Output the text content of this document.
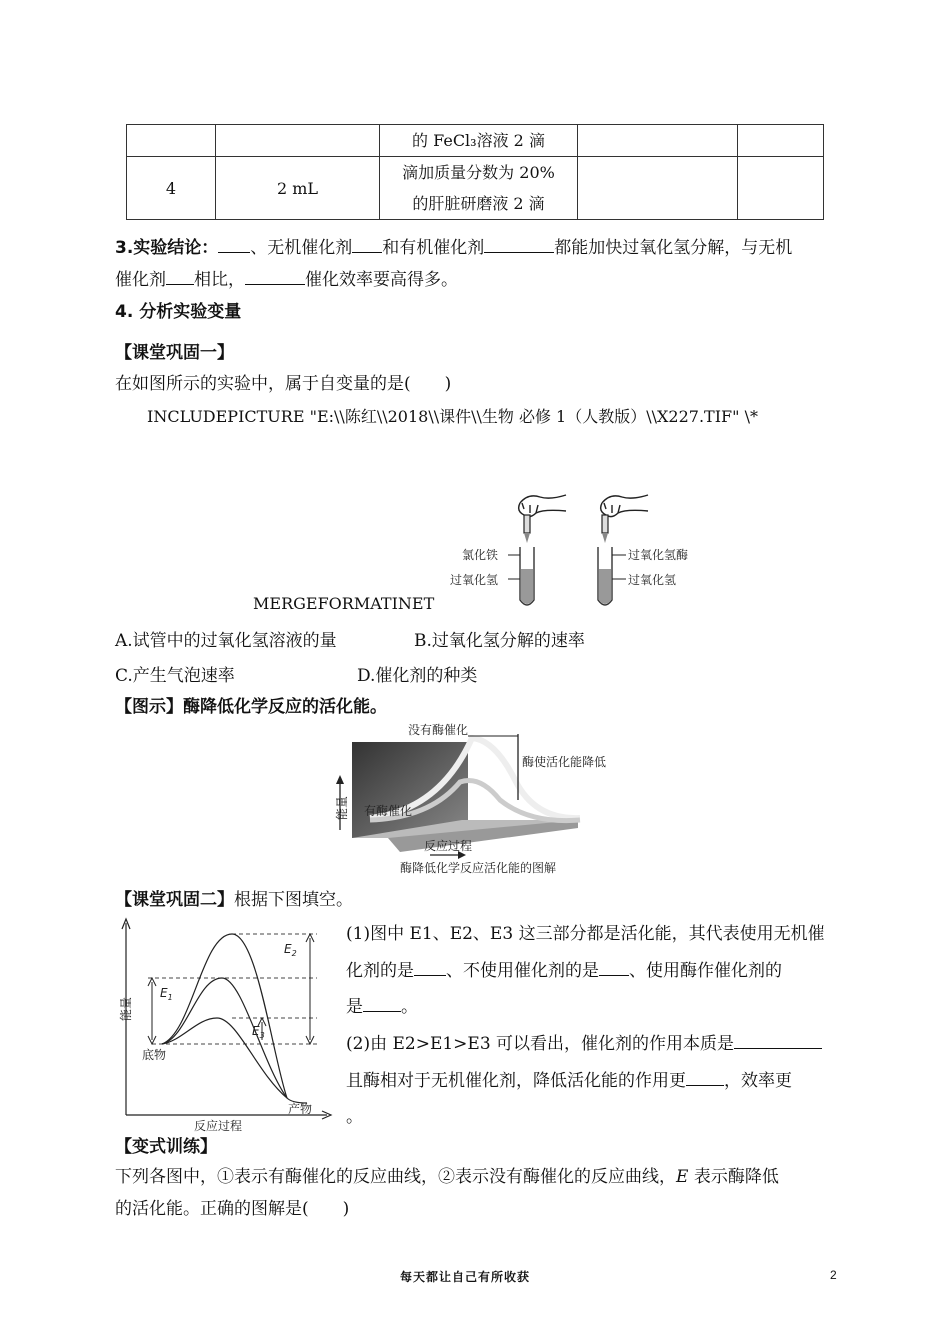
		的 FeCl₃溶液 2 滴		
4	2 mL	滴加质量分数为 20%
的肝脏研磨液 2 滴		

3.实验结论： 、无机催化剂 和有机催化剂	都能加快过氧化氢分解，与无机
催化剂 相比，	催化效率要高得多。
4. 分析实验变量
【课堂巩固一】
在如图所示的实验中，属于自变量的是(　　)
INCLUDEPICTURE "E:\\陈红\\2018\\课件\\生物 必修 1（人教版）\\X227.TIF" \*
氯化铁
过氧化氢
过氧化氢酶
过氧化氢
MERGEFORMATINET
A.试管中的过氧化氢溶液的量	B.过氧化氢分解的速率
C.产生气泡速率	D.催化剂的种类
【图示】酶降低化学反应的活化能。
没有酶催化
酶使活化能降低
能量 有酶催化
反应过程
酶降低化学反应活化能的图解
【课堂巩固二】根据下图填空。
$E_1$
$E_2$
$E_3$
底物
产物
能量
反应过程
(1)图中 E1、E2、E3 这三部分都是活化能，其代表使用无机催
化剂的是 、不使用催化剂的是 、使用酶作催化剂的
是 。
(2)由 E2>E1>E3 可以看出，催化剂的作用本质是
且酶相对于无机催化剂，降低活化能的作用更 ，效率更
。
【变式训练】
下列各图中，①表示有酶催化的反应曲线，②表示没有酶催化的反应曲线，E 表示酶降低
的活化能。正确的图解是(　　)
每天都让自己有所收获	2
